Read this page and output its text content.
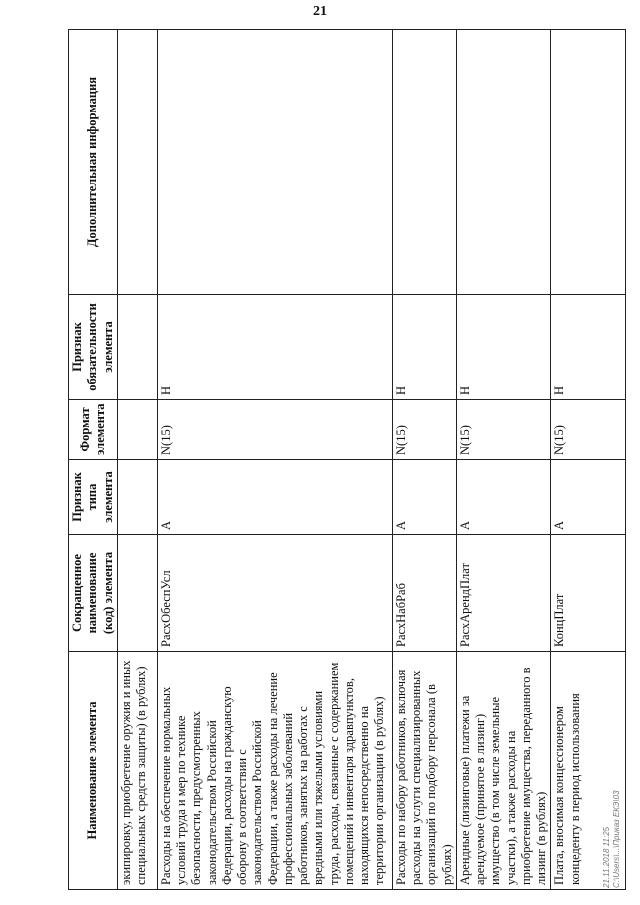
21
Наименование элемента	Сокращенное наименование (код) элемента	Признак типа элемента	Формат элемента	Признак обязательности элемента	Дополнительная информация
экипировку, приобретение оружия и иных специальных средств защиты) (в рублях)					
Расходы на обеспечение нормальных условий труда и мер по технике безопасности, предусмотренных законодательством Российской Федерации, расходы на гражданскую оборону в соответствии с законодательством Российской Федерации, а также расходы на лечение профессиональных заболеваний работников, занятых на работах с вредными или тяжелыми условиями труда, расходы, связанные с содержанием помещений и инвентаря здравпунктов, находящихся непосредственно на территории организации (в рублях)	РасхОбеспУсл	А	N(15)	Н	
Расходы по набору работников, включая расходы на услуги специализированных организаций по подбору персонала (в рублях)	РасхНабРаб	А	N(15)	Н	
Арендные (лизинговые) платежи за арендуемое (принятое в лизинг) имущество (в том числе земельные участки), а также расходы на приобретение имущества, переданного в лизинг (в рублях)	РасхАрендПлат	А	N(15)	Н	
Плата, вносимая концессионером концеденту в период использования	КонцПлат	А	N(15)	Н	
21.11.2018 11:25 С:\Users\...\Приказ ЕКЭ\03
